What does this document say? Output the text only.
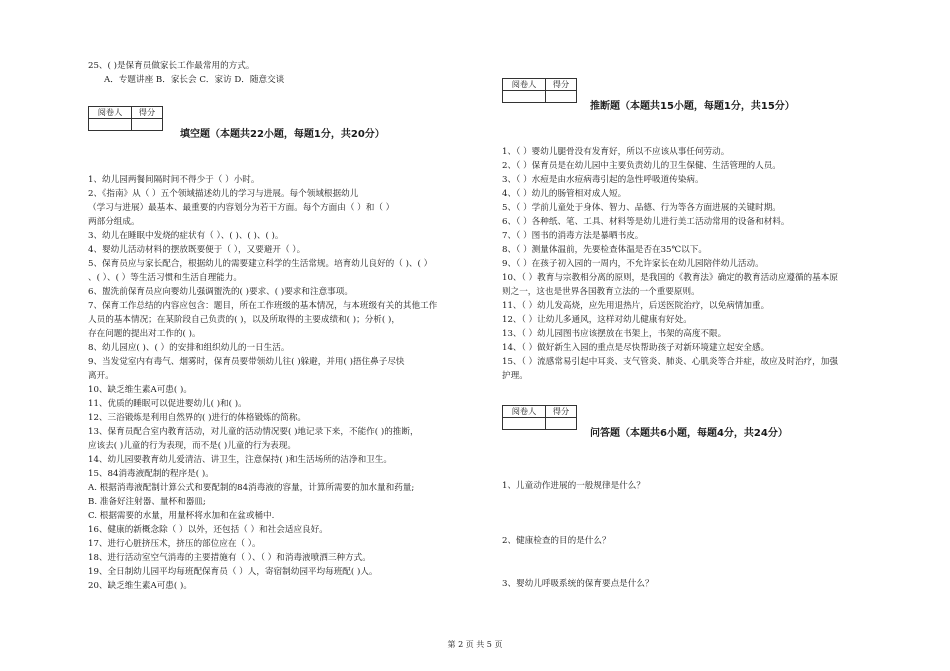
25、( )是保育员做家长工作最常用的方式。
A．专题讲座 B．家长会 C．家访 D．随意交谈
阅卷人	得分

填空题（本题共22小题，每题1分，共20分）
1、幼儿园两餐间隔时间不得少于（ ）小时。
2、《指南》从（ ）五个领域描述幼儿的学习与进展。每个领域根据幼儿
（学习与进展）最基本、最重要的内容划分为若干方面。每个方面由（ ）和（ ）
两部分组成。
3、幼儿在睡眠中发烧的症状有（ ）、( )、( )、( )。
4、婴幼儿活动材料的摆放既要便于（ ），又要避开（ ）。
5、保育员应与家长配合，根据幼儿的需要建立科学的生活常规。培育幼儿良好的（ )、( ）
、( ）、( ）等生活习惯和生活自理能力。
6、盥洗前保育员应向婴幼儿强调盥洗的( )要求、( )要求和注意事项。
7、保育工作总结的内容应包含：题目，所在工作班级的基本情况，与本班级有关的其他工作
人员的基本情况；在某阶段自己负责的( )，以及所取得的主要成绩和( )；分析( )，
存在问题的提出对工作的( )。
8、幼儿园应( )、( ）的安排和组织幼儿的一日生活。
9、当发觉室内有毒气、烟雾时，保育员要带领幼儿往( )躲避，并用( )捂住鼻子尽快
离开。
10、缺乏维生素A可患( )。
11、优质的睡眠可以促进婴幼儿( )和( )。
12、三浴锻炼是利用自然界的( )进行的体格锻炼的简称。
13、保育员配合室内教育活动，对儿童的活动情况要( )地记录下来，不能作( )的推断，
应该去( )儿童的行为表现，而不是( )儿童的行为表现。
14、幼儿园要教育幼儿爱清洁、讲卫生，注意保持( )和生活场所的洁净和卫生。
15、84消毒液配制的程序是( )。
A. 根据消毒液配制计算公式和要配制的84消毒液的容量，计算所需要的加水量和药量;
B. 准备好注射器、量杯和器皿;
C. 根据需要的水量，用量杯将水加和在盆或桶中.
16、健康的新概念除（ ）以外，还包括（ ）和社会适应良好。
17、进行心脏挤压术，挤压的部位应在（ ）。
18、进行活动室空气消毒的主要措施有（ ）、（ ）和消毒液喷洒三种方式。
19、全日制幼儿园平均每班配保育员（ ）人，寄宿制幼园平均每班配( )人。
20、缺乏维生素A可患( )。
阅卷人	得分

推断题（本题共15小题，每题1分，共15分）
1、（ ）婴幼儿腿骨没有发育好，所以不应该从事任何劳动。
2、（ ）保育员是在幼儿园中主要负责幼儿的卫生保健、生活管理的人员。
3、（ ）水痘是由水痘病毒引起的急性呼吸道传染病。
4、（ ）幼儿的肠管相对成人短。
5、（ ）学前儿童处于身体、智力、品德、行为等各方面进展的关键时期。
6、（ ）各种纸、笔、工具、材料等是幼儿进行美工活动常用的设备和材料。
7、（ ）图书的消毒方法是暴晒书皮。
8、（ ）测量体温前，先要检查体温是否在35℃以下。
9、（ ）在孩子初入园的一周内，不允许家长在幼儿园陪伴幼儿活动。
10、（ ）教育与宗教相分离的原则，是我国的《教育法》确定的教育活动应遵循的基本原
则之一，这也是世界各国教育立法的一个重要原则。
11、（ ）幼儿发高烧，应先用退热片，后送医院治疗，以免病情加重。
12、（ ）让幼儿多通风，这样对幼儿健康有好处。
13、（ ）幼儿园图书应该摆放在书架上，书架的高度不限。
14、（ ）做好新生入园的重点是尽快帮助孩子对新环境建立起安全感。
15、（ ）流感常易引起中耳炎、支气管炎、肺炎、心肌炎等合并症，故应及时治疗，加强
护理。
阅卷人	得分

问答题（本题共6小题，每题4分，共24分）
1、儿童动作进展的一般规律是什么？
2、健康检查的目的是什么？
3、婴幼儿呼吸系统的保育要点是什么？
第 2 页 共 5 页
